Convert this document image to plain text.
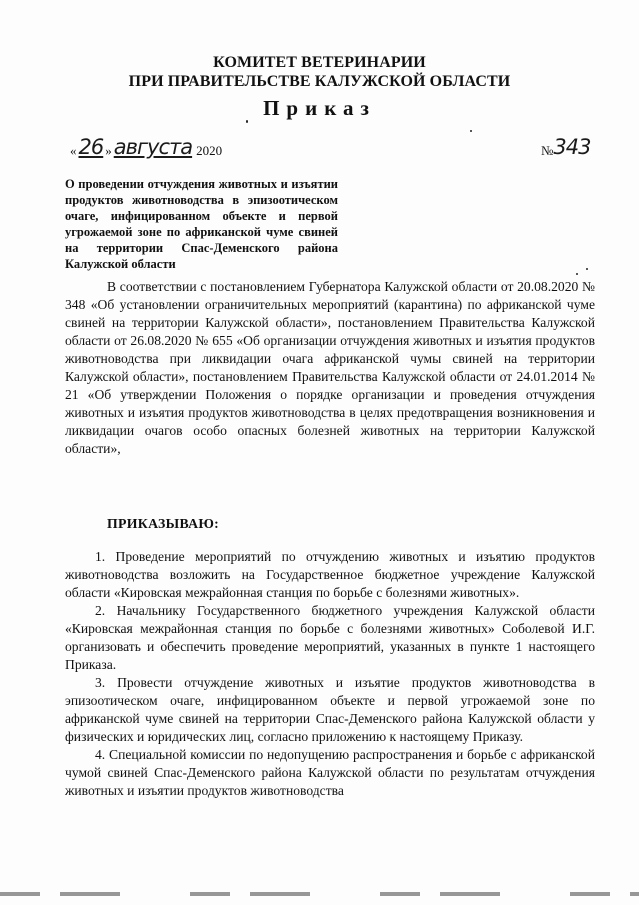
КОМИТЕТ ВЕТЕРИНАРИИ
ПРИ ПРАВИТЕЛЬСТВЕ КАЛУЖСКОЙ ОБЛАСТИ
Приказ
« 26 » августа 2020	№ 343
О проведении отчуждения животных и изъятии продуктов животноводства в эпизоотическом очаге, инфицированном объекте и первой угрожаемой зоне по африканской чуме свиней на территории Спас-Деменского района Калужской области
В соответствии с постановлением Губернатора Калужской области от 20.08.2020 № 348 «Об установлении ограничительных мероприятий (карантина) по африканской чуме свиней на территории Калужской области», постановлением Правительства Калужской области от 26.08.2020 № 655 «Об организации отчуждения животных и изъятия продуктов животноводства при ликвидации очага африканской чумы свиней на территории Калужской области», постановлением Правительства Калужской области от 24.01.2014 № 21 «Об утверждении Положения о порядке организации и проведения отчуждения животных и изъятия продуктов животноводства в целях предотвращения возникновения и ликвидации очагов особо опасных болезней животных на территории Калужской области»,
ПРИКАЗЫВАЮ:

1. Проведение мероприятий по отчуждению животных и изъятию продуктов животноводства возложить на Государственное бюджетное учреждение Калужской области «Кировская межрайонная станция по борьбе с болезнями животных».

2. Начальнику Государственного бюджетного учреждения Калужской области «Кировская межрайонная станция по борьбе с болезнями животных» Соболевой И.Г. организовать и обеспечить проведение мероприятий, указанных в пункте 1 настоящего Приказа.

3. Провести отчуждение животных и изъятие продуктов животноводства в эпизоотическом очаге, инфицированном объекте и первой угрожаемой зоне по африканской чуме свиней на территории Спас-Деменского района Калужской области у физических и юридических лиц, согласно приложению к настоящему Приказу.

4. Специальной комиссии по недопущению распространения и борьбе с африканской чумой свиней Спас-Деменского района Калужской области по результатам отчуждения животных и изъятии продуктов животноводства
